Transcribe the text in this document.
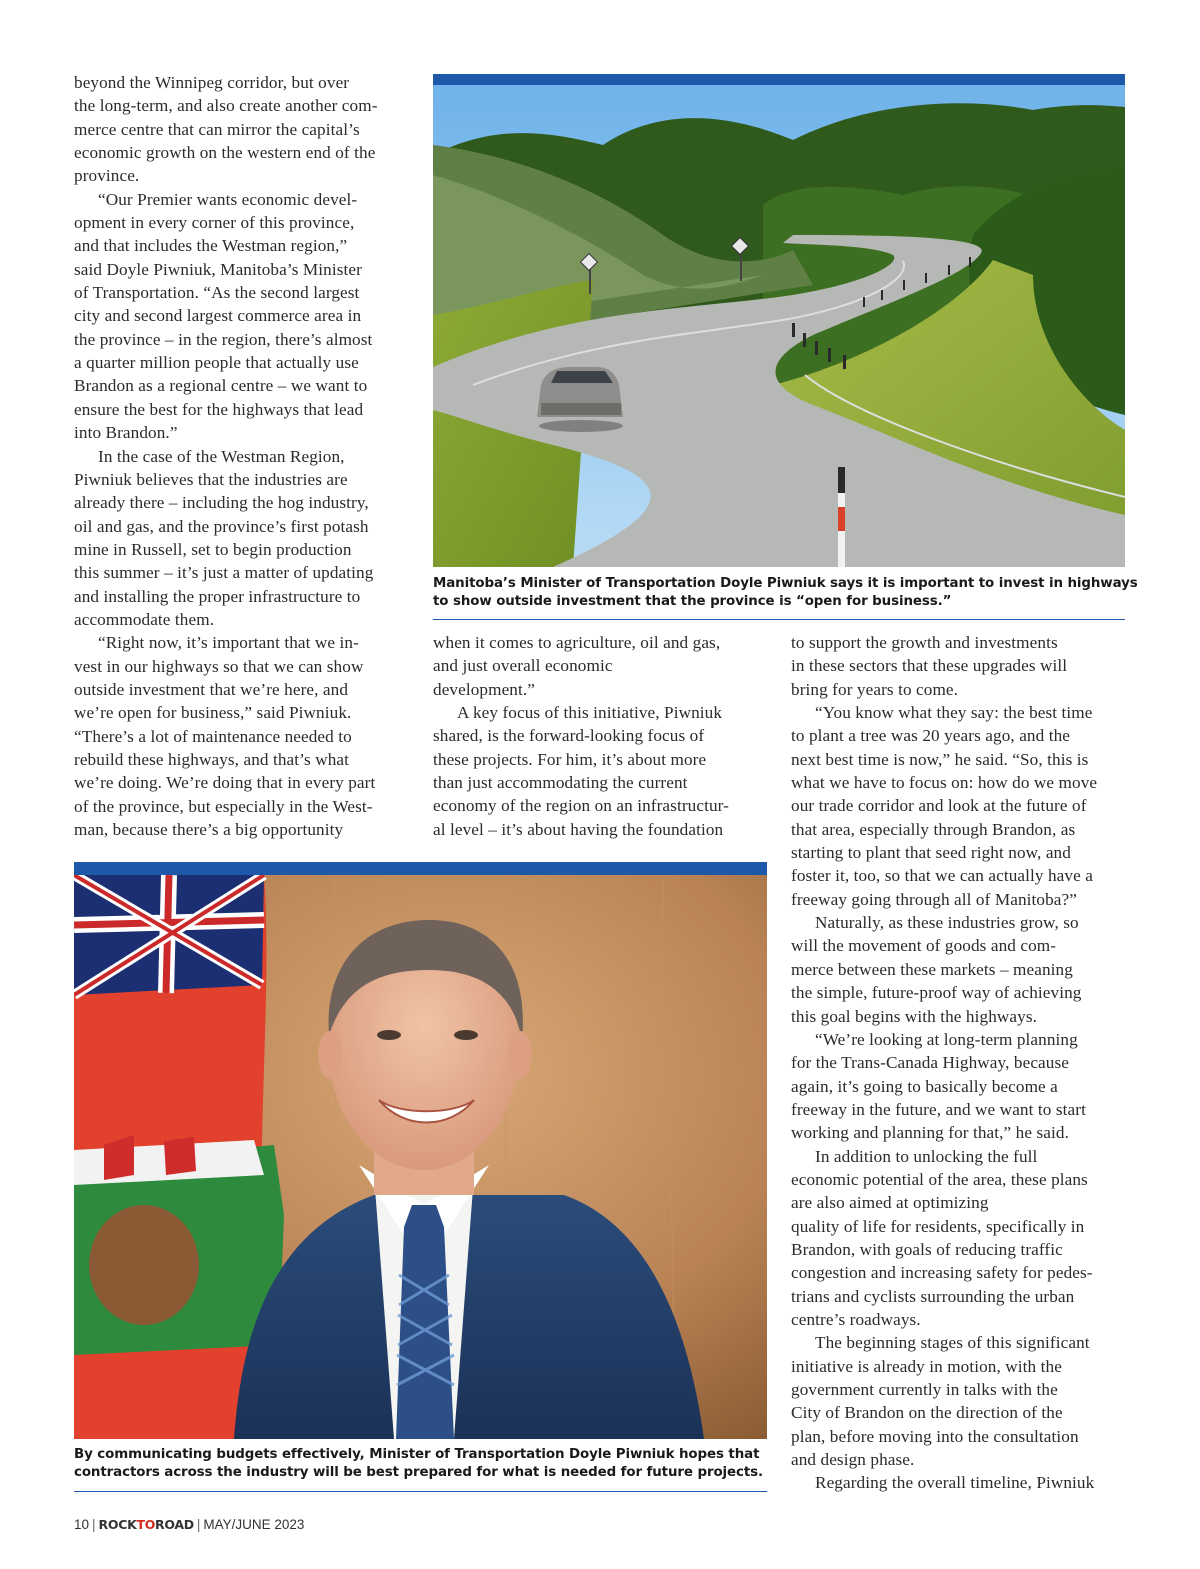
beyond the Winnipeg corridor, but over

the long-term, and also create another com-

merce centre that can mirror the capital’s

economic growth on the western end of the

province.

“Our Premier wants economic devel-

opment in every corner of this province,

and that includes the Westman region,”

said Doyle Piwniuk, Manitoba’s Minister

of Transportation. “As the second largest

city and second largest commerce area in

the province – in the region, there’s almost

a quarter million people that actually use

Brandon as a regional centre – we want to

ensure the best for the highways that lead

into Brandon.”

In the case of the Westman Region,

Piwniuk believes that the industries are

already there – including the hog industry,

oil and gas, and the province’s first potash

mine in Russell, set to begin production

this summer – it’s just a matter of updating

and installing the proper infrastructure to

accommodate them.

“Right now, it’s important that we in-

vest in our highways so that we can show

outside investment that we’re here, and

we’re open for business,” said Piwniuk.

“There’s a lot of maintenance needed to

rebuild these highways, and that’s what

we’re doing. We’re doing that in every part

of the province, but especially in the West-

man, because there’s a big opportunity

when it comes to agriculture, oil and gas,

and just overall economic

development.”

A key focus of this initiative, Piwniuk

shared, is the forward-looking focus of

these projects. For him, it’s about more

than just accommodating the current

economy of the region on an infrastructur-

al level – it’s about having the foundation

to support the growth and investments

in these sectors that these upgrades will

bring for years to come.

“You know what they say: the best time

to plant a tree was 20 years ago, and the

next best time is now,” he said. “So, this is

what we have to focus on: how do we move

our trade corridor and look at the future of

that area, especially through Brandon, as

starting to plant that seed right now, and

foster it, too, so that we can actually have a

freeway going through all of Manitoba?”

Naturally, as these industries grow, so

will the movement of goods and com-

merce between these markets – meaning

the simple, future-proof way of achieving

this goal begins with the highways.

“We’re looking at long-term planning

for the Trans-Canada Highway, because

again, it’s going to basically become a

freeway in the future, and we want to start

working and planning for that,” he said.

In addition to unlocking the full

economic potential of the area, these plans

are also aimed at optimizing

quality of life for residents, specifically in

Brandon, with goals of reducing traffic

congestion and increasing safety for pedes-

trians and cyclists surrounding the urban

centre’s roadways.

The beginning stages of this significant

initiative is already in motion, with the

government currently in talks with the

City of Brandon on the direction of the

plan, before moving into the consultation

and design phase.

Regarding the overall timeline, Piwniuk

Manitoba’s Minister of Transportation Doyle Piwniuk says it is important to invest in highways

to show outside investment that the province is “open for business.”

By communicating budgets effectively, Minister of Transportation Doyle Piwniuk hopes that

contractors across the industry will be best prepared for what is needed for future projects.

10 | ROCKTOROAD | MAY/JUNE 2023
